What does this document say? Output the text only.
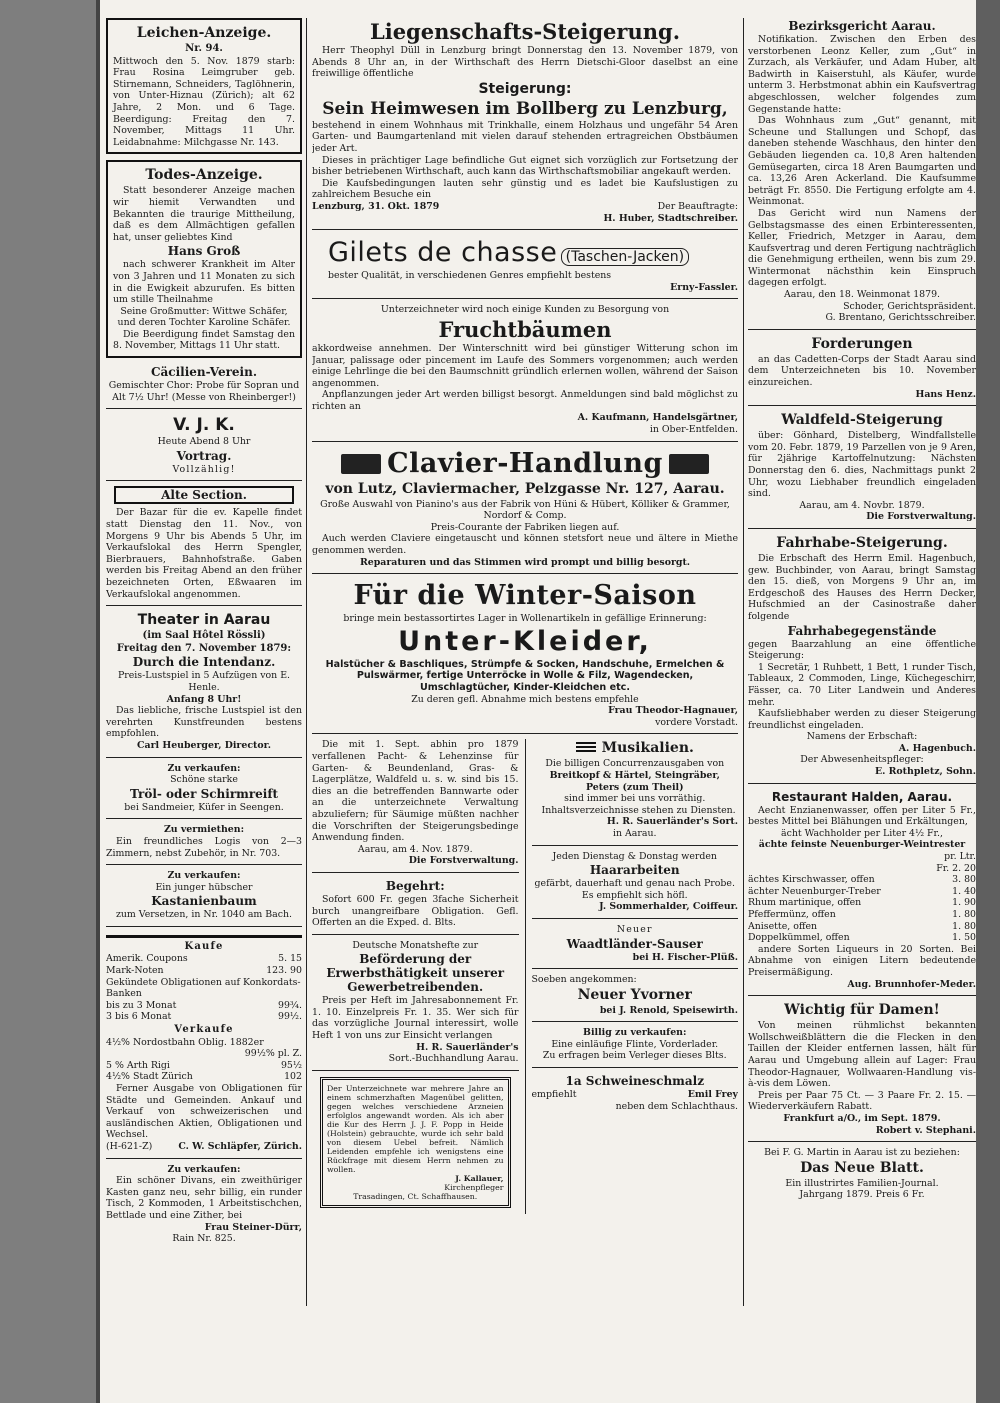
Leichen-Anzeige.
Nr. 94.

Mittwoch den 5. Nov. 1879 starb: Frau Rosina Leimgruber geb. Stirnemann, Schneiders, Taglöhnerin, von Unter-Hiznau (Zürich); alt 62 Jahre, 2 Mon. und 6 Tage. Beerdigung: Freitag den 7. November, Mittags 11 Uhr. Leidabnahme: Milchgasse Nr. 143.

Todes-Anzeige.

Statt besonderer Anzeige machen wir hiemit Verwandten und Bekannten die traurige Mittheilung, daß es dem Allmächtigen gefallen hat, unser geliebtes Kind

Hans Groß

nach schwerer Krankheit im Alter von 3 Jahren und 11 Monaten zu sich in die Ewigkeit abzurufen. Es bitten um stille Theilnahme

Seine Großmutter: Wittwe Schäfer, und deren Tochter Karoline Schäfer.

Die Beerdigung findet Samstag den 8. November, Mittags 11 Uhr statt.

Cäcilien-Verein.

Gemischter Chor: Probe für Sopran und Alt 7½ Uhr! (Messe von Rheinberger!)

V. J. K.

Heute Abend 8 Uhr

Vortrag.

Vollzählig!

Alte Section.

Der Bazar für die ev. Kapelle findet statt Dienstag den 11. Nov., von Morgens 9 Uhr bis Abends 5 Uhr, im Verkaufslokal des Herrn Spengler, Bierbrauers, Bahnhofstraße. Gaben werden bis Freitag Abend an den früher bezeichneten Orten, Eßwaaren im Verkaufslokal angenommen.

Theater in Aarau
(im Saal Hôtel Rössli)
Freitag den 7. November 1879:
Durch die Intendanz.

Preis-Lustspiel in 5 Aufzügen von E. Henle.

Anfang 8 Uhr!

Das liebliche, frische Lustspiel ist den verehrten Kunstfreunden bestens empfohlen.

Carl Heuberger, Director.

Zu verkaufen:

Schöne starke

Tröl- oder Schirmreift

bei Sandmeier, Küfer in Seengen.

Zu vermiethen:

Ein freundliches Logis von 2—3 Zimmern, nebst Zubehör, in Nr. 703.

Zu verkaufen:

Ein junger hübscher

Kastanienbaum

zum Versetzen, in Nr. 1040 am Bach.

Kaufe
Amerik. Coupons	5. 15
Mark-Noten	123. 90
Gekündete Obligationen auf Konkordats-Banken
bis zu 3 Monat	99¾.
3 bis 6 Monat	99½.
Verkaufe
4½% Nordostbahn Oblig. 1882er
99½% pl. Z.
5 % Arth Rigi	95½
4½% Stadt Zürich	102

Ferner Ausgabe von Obligationen für Städte und Gemeinden. Ankauf und Verkauf von schweizerischen und ausländischen Aktien, Obligationen und Wechsel.

(H-621-Z)	C. W. Schläpfer, Zürich.

Zu verkaufen:

Ein schöner Divans, ein zweithüriger Kasten ganz neu, sehr billig, ein runder Tisch, 2 Kommoden, 1 Arbeitstischchen, Bettlade und eine Zither, bei

Frau Steiner-Dürr,

Rain Nr. 825.

Liegenschafts-Steigerung.

Herr Theophyl Düll in Lenzburg bringt Donnerstag den 13. November 1879, von Abends 8 Uhr an, in der Wirthschaft des Herrn Dietschi-Gloor daselbst an eine freiwillige öffentliche

Steigerung:
Sein Heimwesen im Bollberg zu Lenzburg,

bestehend in einem Wohnhaus mit Trinkhalle, einem Holzhaus und ungefähr 54 Aren Garten- und Baumgartenland mit vielen darauf stehenden ertragreichen Obstbäumen jeder Art.

Dieses in prächtiger Lage befindliche Gut eignet sich vorzüglich zur Fortsetzung der bisher betriebenen Wirthschaft, auch kann das Wirthschaftsmobiliar angekauft werden.

Die Kaufsbedingungen lauten sehr günstig und es ladet bie Kaufslustigen zu zahlreichem Besuche ein

Lenzburg, 31. Okt. 1879	Der Beauftragte:

H. Huber, Stadtschreiber.

Gilets de chasse (Taschen-Jacken)

bester Qualität, in verschiedenen Genres empfiehlt bestens

Erny-Fassler.

Unterzeichneter wird noch einige Kunden zu Besorgung von

Fruchtbäumen

akkordweise annehmen. Der Winterschnitt wird bei günstiger Witterung schon im Januar, palissage oder pincement im Laufe des Sommers vorgenommen; auch werden einige Lehrlinge die bei den Baumschnitt gründlich erlernen wollen, während der Saison angenommen.

Anpflanzungen jeder Art werden billigst besorgt. Anmeldungen sind bald möglichst zu richten an

A. Kaufmann, Handelsgärtner,

in Ober-Entfelden.

Clavier-Handlung
von Lutz, Claviermacher, Pelzgasse Nr. 127, Aarau.

Große Auswahl von Pianino's aus der Fabrik von Hüni & Hübert, Kölliker & Grammer, Nordorf & Comp.

Preis-Courante der Fabriken liegen auf.

Auch werden Claviere eingetauscht und können stetsfort neue und ältere in Miethe genommen werden.

Reparaturen und das Stimmen wird prompt und billig besorgt.

Für die Winter-Saison

bringe mein bestassortirtes Lager in Wollenartikeln in gefällige Erinnerung:

Unter-Kleider,

Halstücher & Baschliques, Strümpfe & Socken, Handschuhe, Ermelchen & Pulswärmer, fertige Unterröcke in Wolle & Filz, Wagendecken, Umschlagtücher, Kinder-Kleidchen etc.

Zu deren gefl. Abnahme mich bestens empfehle

Frau Theodor-Hagnauer,

vordere Vorstadt.

Die mit 1. Sept. abhin pro 1879 verfallenen Pacht- & Lehenzinse für Garten- & Beundenland, Gras- & Lagerplätze, Waldfeld u. s. w. sind bis 15. dies an die betreffenden Bannwarte oder an die unterzeichnete Verwaltung abzuliefern; für Säumige müßten nachher die Vorschriften der Steigerungsbedinge Anwendung finden.

Aarau, am 4. Nov. 1879.

Die Forstverwaltung.

Begehrt:

Sofort 600 Fr. gegen 3fache Sicherheit burch unangreifbare Obligation. Gefl. Offerten an die Exped. d. Blts.

Deutsche Monatshefte zur

Beförderung der Erwerbsthätigkeit unserer Gewerbetreibenden.

Preis per Heft im Jahresabonnement Fr. 1. 10. Einzelpreis Fr. 1. 35. Wer sich für das vorzügliche Journal interessirt, wolle Heft 1 von uns zur Einsicht verlangen

H. R. Sauerländer's

Sort.-Buchhandlung Aarau.

Der Unterzeichnete war mehrere Jahre an einem schmerzhaften Magenübel gelitten, gegen welches verschiedene Arzneien erfolglos angewandt worden. Als ich aber die Kur des Herrn J. J. F. Popp in Heide (Holstein) gebrauchte, wurde ich sehr bald von diesem Uebel befreit. Nämlich Leidenden empfehle ich wenigstens eine Rückfrage mit diesem Herrn nehmen zu wollen.

J. Kallauer,

Kirchenpfleger

Trasadingen, Ct. Schaffhausen.

Musikalien.

Die billigen Concurrenzausgaben von

Breitkopf & Härtel, Steingräber, Peters (zum Theil)

sind immer bei uns vorräthig.

Inhaltsverzeichnisse stehen zu Diensten.

H. R. Sauerländer's Sort.

in Aarau.

Jeden Dienstag & Donstag werden

Haararbeiten

gefärbt, dauerhaft und genau nach Probe. Es empfiehlt sich höfl.

J. Sommerhalder, Coiffeur.

Neuer

Waadtländer-Sauser

bei H. Fischer-Plüß.

Soeben angekommen:

Neuer Yvorner

bei J. Renold, Speisewirth.

Billig zu verkaufen:

Eine einläufige Flinte, Vorderlader.

Zu erfragen beim Verleger dieses Blts.

1a Schweineschmalz
empfiehlt	Emil Frey

neben dem Schlachthaus.

Bezirksgericht Aarau.

Notifikation. Zwischen den Erben des verstorbenen Leonz Keller, zum „Gut“ in Zurzach, als Verkäufer, und Adam Huber, alt Badwirth in Kaiserstuhl, als Käufer, wurde unterm 3. Herbstmonat abhin ein Kaufsvertrag abgeschlossen, welcher folgendes zum Gegenstande hatte:

Das Wohnhaus zum „Gut“ genannt, mit Scheune und Stallungen und Schopf, das daneben stehende Waschhaus, den hinter den Gebäuden liegenden ca. 10,8 Aren haltenden Gemüsegarten, circa 18 Aren Baumgarten und ca. 13,26 Aren Ackerland. Die Kaufsumme beträgt Fr. 8550. Die Fertigung erfolgte am 4. Weinmonat.

Das Gericht wird nun Namens der Gelbstagsmasse des einen Erbinteressenten, Keller, Friedrich, Metzger in Aarau, dem Kaufsvertrag und deren Fertigung nachträglich die Genehmigung ertheilen, wenn bis zum 29. Wintermonat nächsthin kein Einspruch dagegen erfolgt.

Aarau, den 18. Weinmonat 1879.

Schoder, Gerichtspräsident.

G. Brentano, Gerichtsschreiber.

Forderungen

an das Cadetten-Corps der Stadt Aarau sind dem Unterzeichneten bis 10. November einzureichen.

Hans Henz.

Waldfeld-Steigerung

über: Gönhard, Distelberg, Windfallstelle vom 20. Febr. 1879, 19 Parzellen von je 9 Aren, für 2jährige Kartoffelnutzung: Nächsten Donnerstag den 6. dies, Nachmittags punkt 2 Uhr, wozu Liebhaber freundlich eingeladen sind.

Aarau, am 4. Novbr. 1879.

Die Forstverwaltung.

Fahrhabe-Steigerung.

Die Erbschaft des Herrn Emil. Hagenbuch, gew. Buchbinder, von Aarau, bringt Samstag den 15. dieß, von Morgens 9 Uhr an, im Erdgeschoß des Hauses des Herrn Decker, Hufschmied an der Casinostraße daher folgende

Fahrhabegegenstände

gegen Baarzahlung an eine öffentliche Steigerung:

1 Secretär, 1 Ruhbett, 1 Bett, 1 runder Tisch, Tableaux, 2 Commoden, Linge, Küchegeschirr, Fässer, ca. 70 Liter Landwein und Anderes mehr.

Kaufsliebhaber werden zu dieser Steigerung freundlichst eingeladen.

Namens der Erbschaft:

A. Hagenbuch.

Der Abwesenheitspfleger:

E. Rothpletz, Sohn.

Restaurant Halden, Aarau.

Aecht Enzianenwasser, offen per Liter 5 Fr., bestes Mittel bei Blähungen und Erkältungen,

ächt Wachholder per Liter 4½ Fr.,

ächte feinste Neuenburger-Weintrester

pr. Ltr.

Fr. 2. 20
ächtes Kirschwasser, offen	3. 80
ächter Neuenburger-Treber	1. 40
Rhum martinique, offen	1. 90
Pfeffermünz, offen	1. 80
Anisette, offen	1. 80
Doppelkümmel, offen	1. 50

andere Sorten Liqueurs in 20 Sorten. Bei Abnahme von einigen Litern bedeutende Preisermäßigung.

Aug. Brunnhofer-Meder.

Wichtig für Damen!

Von meinen rühmlichst bekannten Wollschweißblättern die die Flecken in den Taillen der Kleider entfernen lassen, hält für Aarau und Umgebung allein auf Lager: Frau Theodor-Hagnauer, Wollwaaren-Handlung vis-à-vis dem Löwen.

Preis per Paar 75 Ct. — 3 Paare Fr. 2. 15. — Wiederverkäufern Rabatt.

Frankfurt a/O., im Sept. 1879.

Robert v. Stephani.

Bei F. G. Martin in Aarau ist zu beziehen:

Das Neue Blatt.

Ein illustrirtes Familien-Journal.

Jahrgang 1879. Preis 6 Fr.
